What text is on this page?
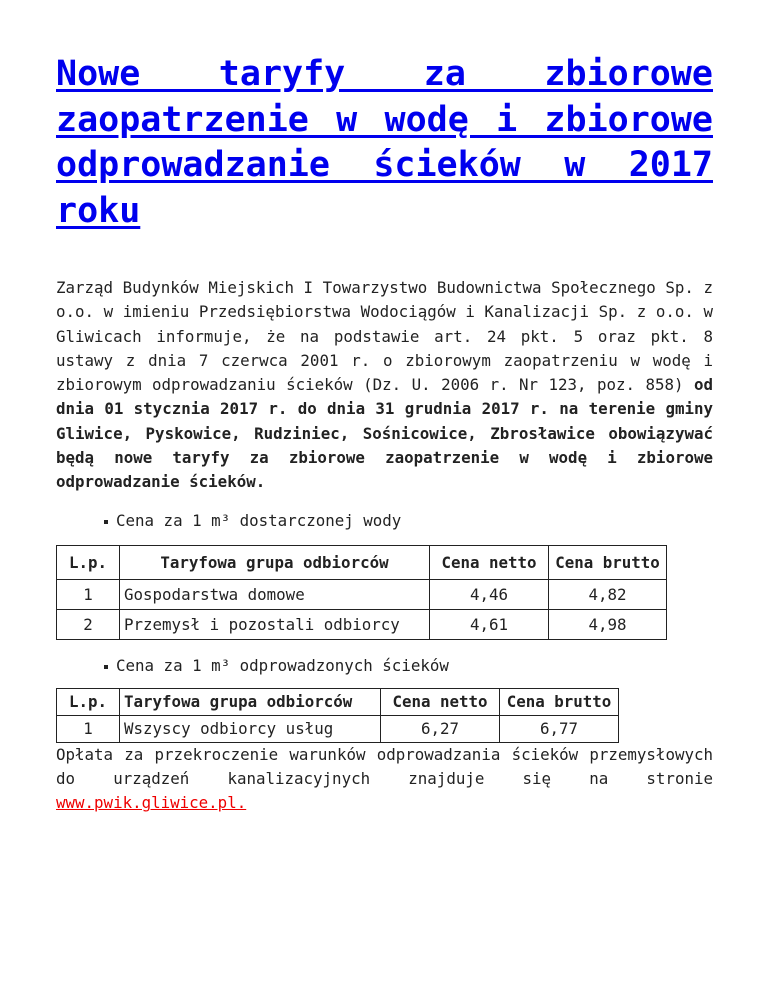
Nowe taryfy za zbiorowe zaopatrzenie w wodę i zbiorowe odprowadzanie ścieków w 2017 roku

Zarząd Budynków Miejskich I Towarzystwo Budownictwa Społecznego Sp. z o.o. w imieniu Przedsiębiorstwa Wodociągów i Kanalizacji Sp. z o.o. w Gliwicach informuje, że na podstawie art. 24 pkt. 5 oraz pkt. 8 ustawy z dnia 7 czerwca 2001 r. o zbiorowym zaopatrzeniu w wodę i zbiorowym odprowadzaniu ścieków (Dz. U. 2006 r. Nr 123, poz. 858) od dnia 01 stycznia 2017 r. do dnia 31 grudnia 2017 r. na terenie gminy Gliwice, Pyskowice, Rudziniec, Sośnicowice, Zbrosławice obowiązywać będą nowe taryfy za zbiorowe zaopatrzenie w wodę i zbiorowe odprowadzanie ścieków.

Cena za 1 m³ dostarczonej wody
L.p.	Taryfowa grupa odbiorców	Cena netto	Cena brutto
1	Gospodarstwa domowe	4,46	4,82
2	Przemysł i pozostali odbiorcy	4,61	4,98
Cena za 1 m³ odprowadzonych ścieków
L.p.	Taryfowa grupa odbiorców	Cena netto	Cena brutto
1	Wszyscy odbiorcy usług	6,27	6,77

Opłata za przekroczenie warunków odprowadzania ścieków przemysłowych do urządzeń kanalizacyjnych znajduje się na stronie www.pwik.gliwice.pl.
